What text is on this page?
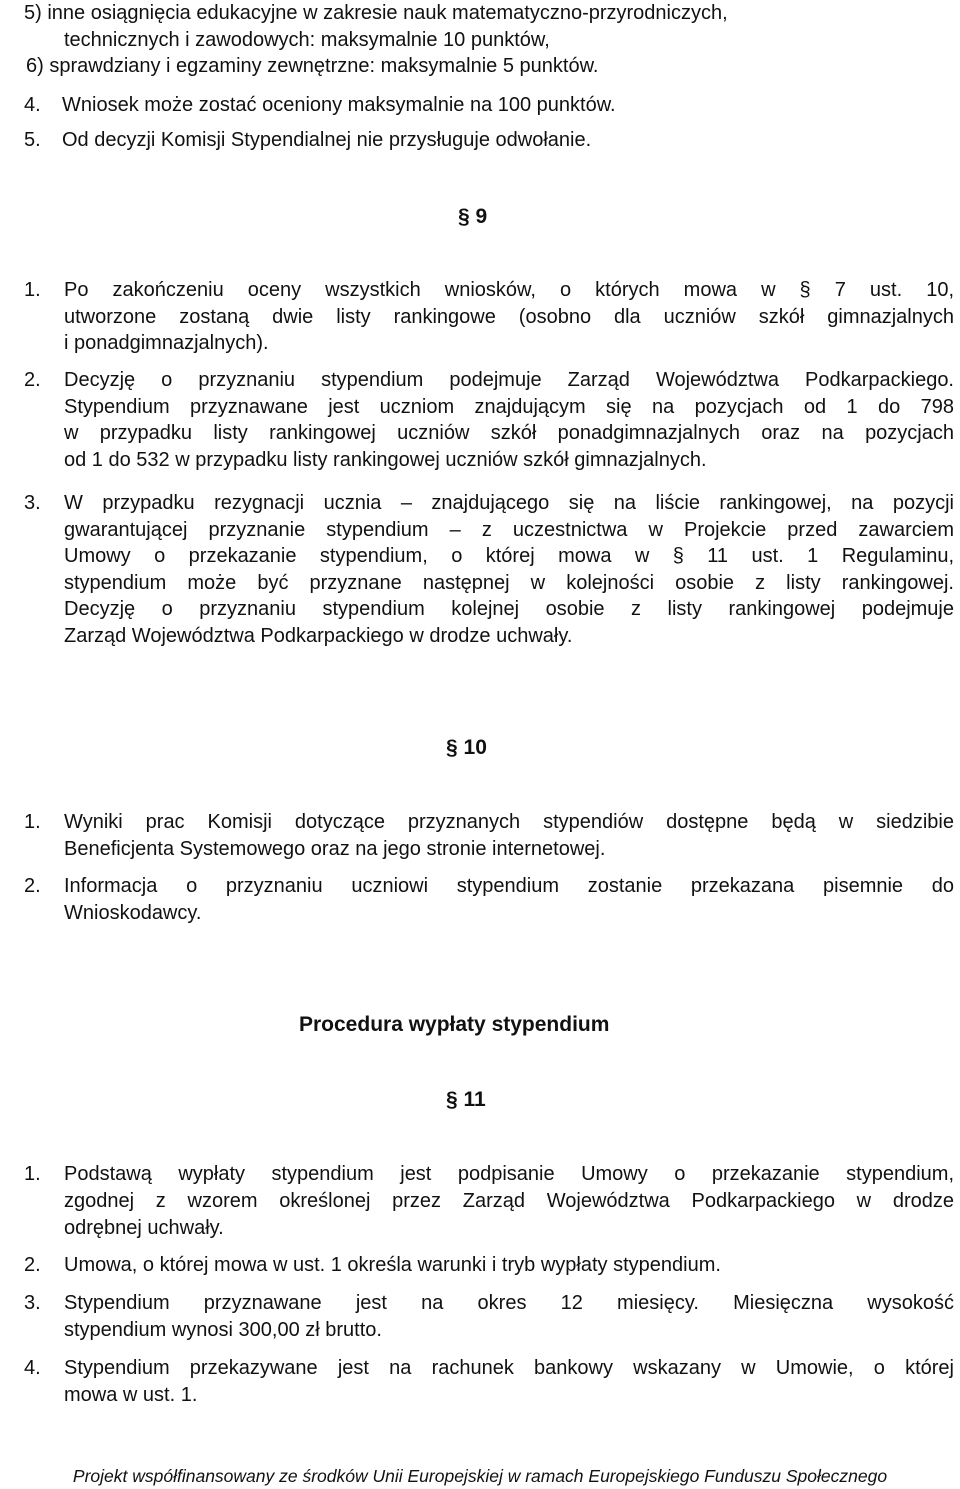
5) inne osiągnięcia edukacyjne w zakresie nauk matematyczno-przyrodniczych,
technicznych i zawodowych: maksymalnie 10 punktów,
6) sprawdziany i egzaminy zewnętrzne: maksymalnie 5 punktów.
4.	Wniosek może zostać oceniony maksymalnie na 100 punktów.
5.	Od decyzji Komisji Stypendialnej nie przysługuje odwołanie.
§ 9
1.	Po zakończeniu oceny wszystkich wniosków, o których mowa w § 7 ust. 10,
utworzone zostaną dwie listy rankingowe (osobno dla uczniów szkół gimnazjalnych
i ponadgimnazjalnych).
2.	Decyzję o przyznaniu stypendium podejmuje Zarząd Województwa Podkarpackiego.
Stypendium przyznawane jest uczniom znajdującym się na pozycjach od 1 do 798
w przypadku listy rankingowej uczniów szkół ponadgimnazjalnych oraz na pozycjach
od 1 do 532 w przypadku listy rankingowej uczniów szkół gimnazjalnych.
3.	W przypadku rezygnacji ucznia – znajdującego się na liście rankingowej, na pozycji
gwarantującej przyznanie stypendium – z uczestnictwa w Projekcie przed zawarciem
Umowy o przekazanie stypendium, o której mowa w § 11 ust. 1 Regulaminu,
stypendium może być przyznane następnej w kolejności osobie z listy rankingowej.
Decyzję o przyznaniu stypendium kolejnej osobie z listy rankingowej podejmuje
Zarząd Województwa Podkarpackiego w drodze uchwały.
§ 10
1.	Wyniki prac Komisji dotyczące przyznanych stypendiów dostępne będą w siedzibie
Beneficjenta Systemowego oraz na jego stronie internetowej.
2.	Informacja o przyznaniu uczniowi stypendium zostanie przekazana pisemnie do
Wnioskodawcy.
Procedura wypłaty stypendium
§ 11
1.	Podstawą wypłaty stypendium jest podpisanie Umowy o przekazanie stypendium,
zgodnej z wzorem określonej przez Zarząd Województwa Podkarpackiego w drodze
odrębnej uchwały.
2.	Umowa, o której mowa w ust. 1 określa warunki i tryb wypłaty stypendium.
3.	Stypendium przyznawane jest na okres 12 miesięcy. Miesięczna wysokość
stypendium wynosi 300,00 zł brutto.
4.	Stypendium przekazywane jest na rachunek bankowy wskazany w Umowie, o której
mowa w ust. 1.
Projekt współfinansowany ze środków Unii Europejskiej w ramach Europejskiego Funduszu Społecznego
